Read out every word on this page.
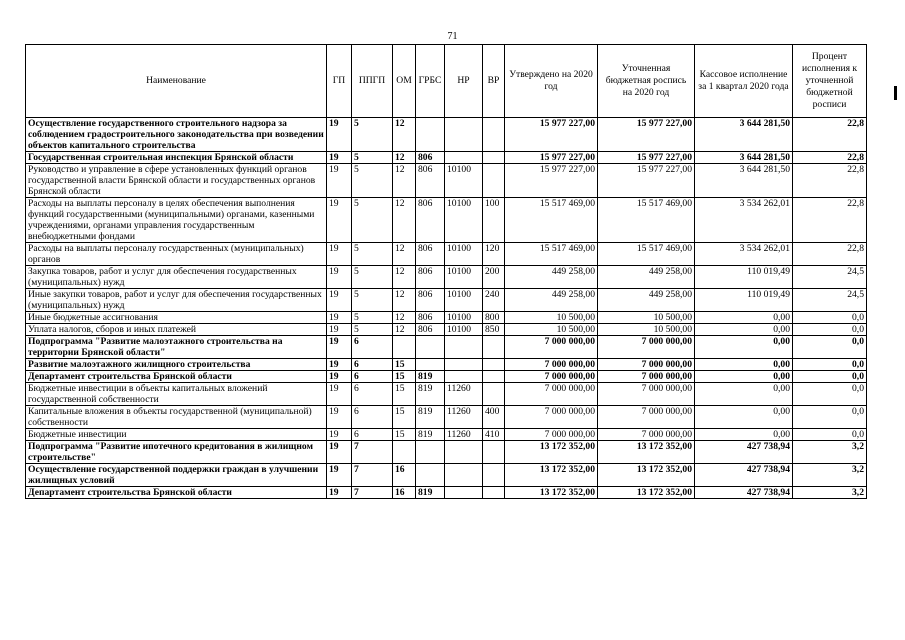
71
Наименование	ГП	ППГП	ОМ	ГРБС	НР	ВР	Утверждено на 2020 год	Уточненная бюджетная роспись на 2020 год	Кассовое исполнение за 1 квартал 2020 года	Процент исполнения к уточненной бюджетной росписи
Осуществление государственного строительного надзора за соблюдением градостроительного законодательства при возведении объектов капитального строительства	19	5	12				15 977 227,00	15 977 227,00	3 644 281,50	22,8
Государственная строительная инспекция Брянской области	19	5	12	806			15 977 227,00	15 977 227,00	3 644 281,50	22,8
Руководство и управление в сфере установленных функций органов государственной власти Брянской области и государственных органов Брянской области	19	5	12	806	10100		15 977 227,00	15 977 227,00	3 644 281,50	22,8
Расходы на выплаты персоналу в целях обеспечения выполнения функций государственными (муниципальными) органами, казенными учреждениями, органами управления государственным внебюджетными фондами	19	5	12	806	10100	100	15 517 469,00	15 517 469,00	3 534 262,01	22,8
Расходы на выплаты персоналу государственных (муниципальных) органов	19	5	12	806	10100	120	15 517 469,00	15 517 469,00	3 534 262,01	22,8
Закупка товаров, работ и услуг для обеспечения государственных (муниципальных) нужд	19	5	12	806	10100	200	449 258,00	449 258,00	110 019,49	24,5
Иные закупки товаров, работ и услуг для обеспечения государственных (муниципальных) нужд	19	5	12	806	10100	240	449 258,00	449 258,00	110 019,49	24,5
Иные бюджетные ассигнования	19	5	12	806	10100	800	10 500,00	10 500,00	0,00	0,0
Уплата налогов, сборов и иных платежей	19	5	12	806	10100	850	10 500,00	10 500,00	0,00	0,0
Подпрограмма "Развитие малоэтажного строительства на территории Брянской области"	19	6					7 000 000,00	7 000 000,00	0,00	0,0
Развитие малоэтажного жилищного строительства	19	6	15				7 000 000,00	7 000 000,00	0,00	0,0
Департамент строительства Брянской области	19	6	15	819			7 000 000,00	7 000 000,00	0,00	0,0
Бюджетные инвестиции в объекты капитальных вложений государственной собственности	19	6	15	819	11260		7 000 000,00	7 000 000,00	0,00	0,0
Капитальные вложения в объекты государственной (муниципальной) собственности	19	6	15	819	11260	400	7 000 000,00	7 000 000,00	0,00	0,0
Бюджетные инвестиции	19	6	15	819	11260	410	7 000 000,00	7 000 000,00	0,00	0,0
Подпрограмма "Развитие ипотечного кредитования в жилищном строительстве"	19	7					13 172 352,00	13 172 352,00	427 738,94	3,2
Осуществление государственной поддержки граждан в улучшении жилищных условий	19	7	16				13 172 352,00	13 172 352,00	427 738,94	3,2
Департамент строительства Брянской области	19	7	16	819			13 172 352,00	13 172 352,00	427 738,94	3,2
